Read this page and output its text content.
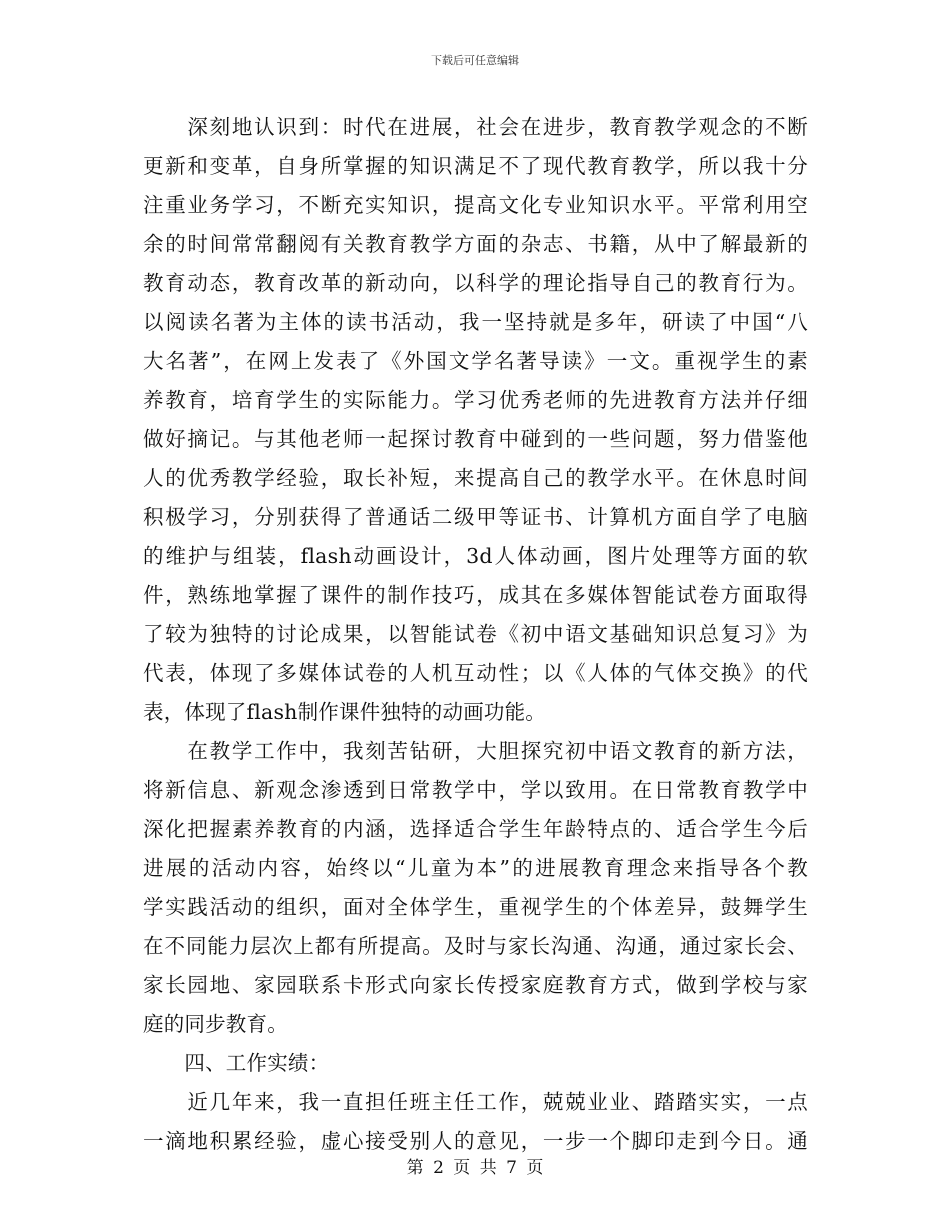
下载后可任意编辑
　　深刻地认识到：时代在进展，社会在进步，教育教学观念的不断
更新和变革，自身所掌握的知识满足不了现代教育教学，所以我十分
注重业务学习，不断充实知识，提高文化专业知识水平。平常利用空
余的时间常常翻阅有关教育教学方面的杂志、书籍，从中了解最新的
教育动态，教育改革的新动向，以科学的理论指导自己的教育行为。
以阅读名著为主体的读书活动，我一坚持就是多年，研读了中国“八
大名著”，在网上发表了《外国文学名著导读》一文。重视学生的素
养教育，培育学生的实际能力。学习优秀老师的先进教育方法并仔细
做好摘记。与其他老师一起探讨教育中碰到的一些问题，努力借鉴他
人的优秀教学经验，取长补短，来提高自己的教学水平。在休息时间
积极学习，分别获得了普通话二级甲等证书、计算机方面自学了电脑
的维护与组装，flash动画设计，3d人体动画，图片处理等方面的软
件，熟练地掌握了课件的制作技巧，成其在多媒体智能试卷方面取得
了较为独特的讨论成果，以智能试卷《初中语文基础知识总复习》为
代表，体现了多媒体试卷的人机互动性；以《人体的气体交换》的代
表，体现了flash制作课件独特的动画功能。
　　在教学工作中，我刻苦钻研，大胆探究初中语文教育的新方法，
将新信息、新观念渗透到日常教学中，学以致用。在日常教育教学中
深化把握素养教育的内涵，选择适合学生年龄特点的、适合学生今后
进展的活动内容，始终以“儿童为本”的进展教育理念来指导各个教
学实践活动的组织，面对全体学生，重视学生的个体差异，鼓舞学生
在不同能力层次上都有所提高。及时与家长沟通、沟通，通过家长会、
家长园地、家园联系卡形式向家长传授家庭教育方式，做到学校与家
庭的同步教育。
　　四、工作实绩：
　　近几年来，我一直担任班主任工作，兢兢业业、踏踏实实，一点
一滴地积累经验，虚心接受别人的意见，一步一个脚印走到今日。通
第 2 页 共 7 页
